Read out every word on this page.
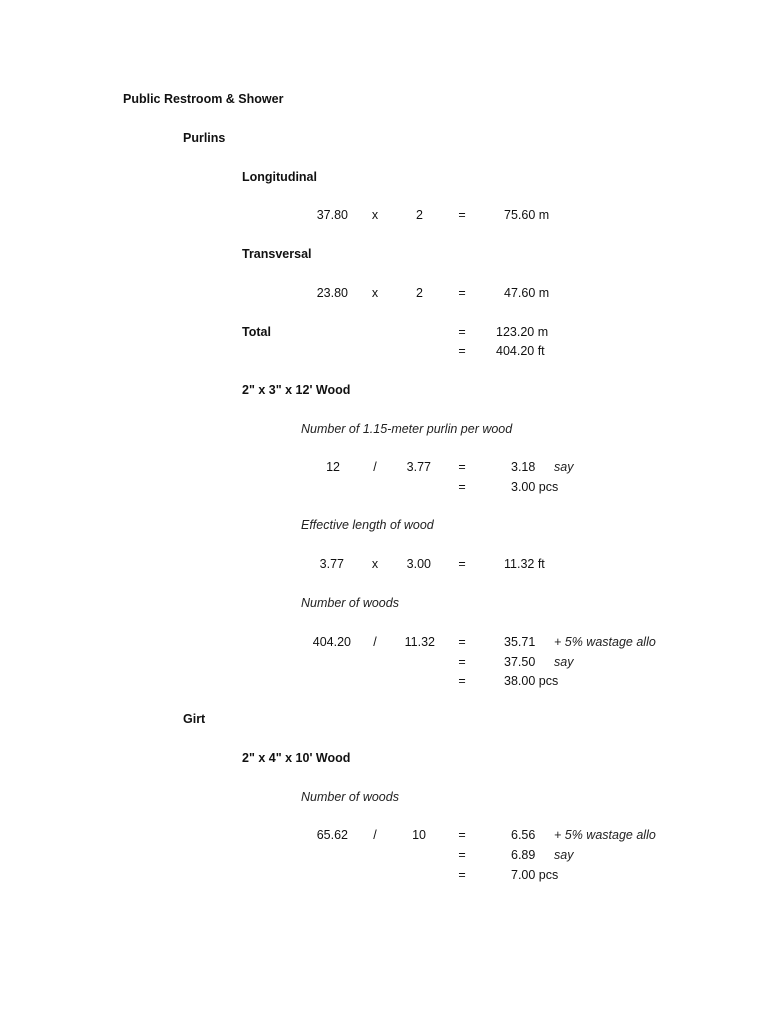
Public Restroom & Shower
Purlins
Longitudinal
37.80	x	2	=	75.60 m
Transversal
23.80	x	2	=	47.60 m
Total	=	123.20 m
=	404.20 ft
2" x 3" x 12' Wood
Number of 1.15-meter purlin per wood
12	/	3.77	=	3.18 say
=	3.00 pcs
Effective length of wood
3.77	x	3.00	=	11.32 ft
Number of woods
404.20	/	11.32	=	35.71 + 5% wastage allo
=	37.50 say
=	38.00 pcs
Girt
2" x 4" x 10' Wood
Number of woods
65.62	/	10	=	6.56 + 5% wastage allo
=	6.89 say
=	7.00 pcs
